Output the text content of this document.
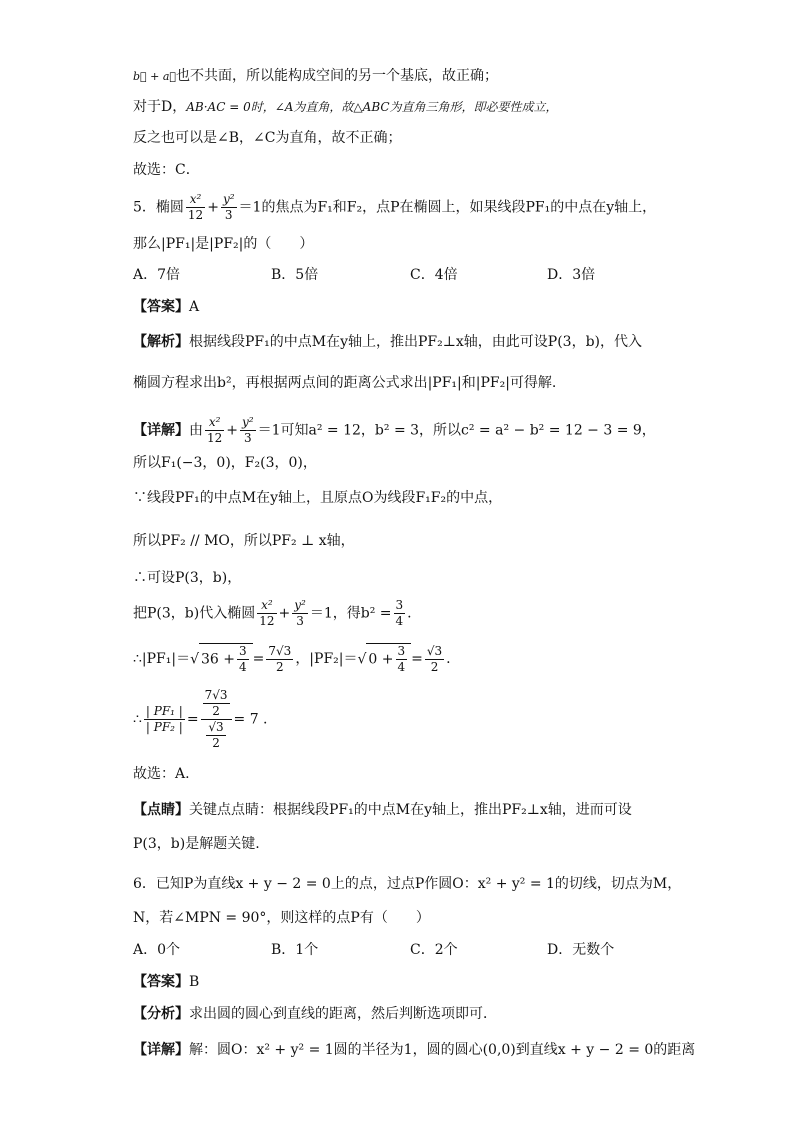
b⃗ + a⃗也不共面，所以能构成空间的另一个基底，故正确；
对于D，AB·AC = 0时，∠A为直角，故△ABC为直角三角形，即必要性成立，
反之也可以是∠B，∠C为直角，故不正确；
故选：C．
5．椭圆 $\frac{\text{x²}}{12} + \frac{\text{y²}}{3} =1$的焦点为F₁和F₂，点P在椭圆上，如果线段PF₁的中点在y轴上，
那么|PF₁|是|PF₂|的（　　）
A．7倍	B．5倍	C．4倍	D．3倍
【答案】A
【解析】根据线段PF₁的中点M在y轴上，推出PF₂⊥x轴，由此可设P(3，b)，代入
椭圆方程求出b²，再根据两点间的距离公式求出|PF₁|和|PF₂|可得解.
【详解】由 $\frac{\text{x²}}{12} + \frac{\text{y²}}{3} =1$可知a² = 12，b² = 3，所以c² = a² − b² = 12 − 3 = 9，
所以F₁(−3，0)，F₂(3，0)，
∵线段PF₁的中点M在y轴上，且原点O为线段F₁F₂的中点，
所以PF₂ // MO，所以PF₂ ⊥ x轴，
∴可设P(3，b)，
把P(3，b)代入椭圆 $\frac{\text{x²}}{12} + \frac{\text{y²}}{3} =1$，得$b^2 = \frac{3}{4}$ .
∴|PF₁|＝√ $36 + \frac{3}{4} = \frac{7√3}{2}$ ，|PF₂|＝√ $0 + \frac{3}{4} = \frac{√3}{2}$ .
∴ $\frac{\text{| PF₁ |}}{\text{| PF₂ |}} = \frac{\frac{7√3}{2}}{\frac{√3}{2}} = 7$ .
故选：A.
【点睛】关键点点睛：根据线段PF₁的中点M在y轴上，推出PF₂⊥x轴，进而可设
P(3，b)是解题关键.
6．已知P为直线x + y − 2 = 0上的点，过点P作圆O：x² + y² = 1的切线，切点为M，
N，若∠MPN = 90°，则这样的点P有（　　）
A．0个	B．1个	C．2个	D．无数个
【答案】B
【分析】求出圆的圆心到直线的距离，然后判断选项即可．
【详解】解：圆O：x² + y² = 1圆的半径为1，圆的圆心(0,0)到直线x + y − 2 = 0的距离
